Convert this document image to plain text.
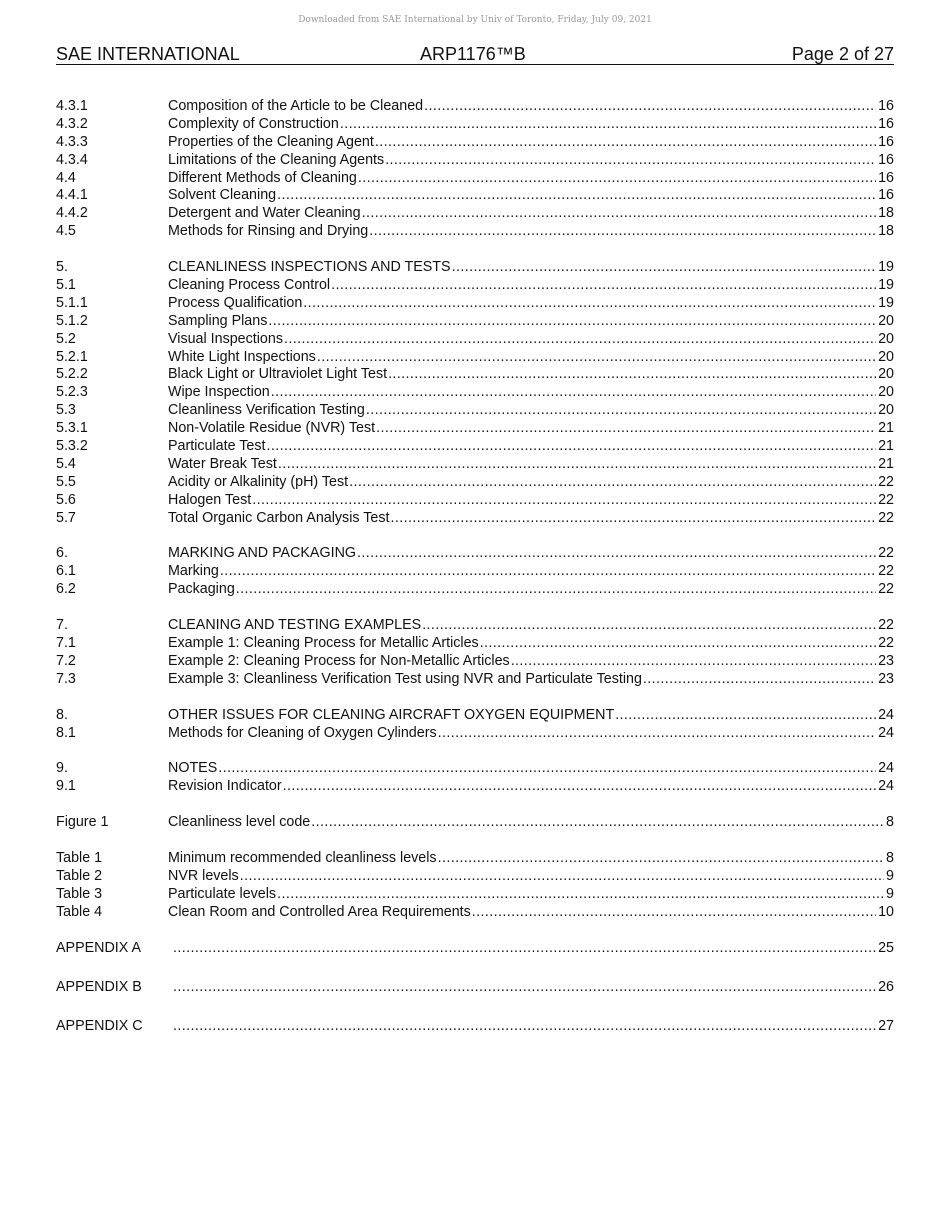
Downloaded from SAE International by Univ of Toronto, Friday, July 09, 2021
SAE INTERNATIONAL	ARP1176™B	Page 2 of 27
4.3.1	Composition of the Article to be Cleaned .....	16
4.3.2	Complexity of Construction .....	16
4.3.3	Properties of the Cleaning Agent .....	16
4.3.4	Limitations of the Cleaning Agents .....	16
4.4	Different Methods of Cleaning .....	16
4.4.1	Solvent Cleaning .....	16
4.4.2	Detergent and Water Cleaning .....	18
4.5	Methods for Rinsing and Drying .....	18
5.	CLEANLINESS INSPECTIONS AND TESTS .....	19
5.1	Cleaning Process Control .....	19
5.1.1	Process Qualification .....	19
5.1.2	Sampling Plans .....	20
5.2	Visual Inspections .....	20
5.2.1	White Light Inspections .....	20
5.2.2	Black Light or Ultraviolet Light Test .....	20
5.2.3	Wipe Inspection .....	20
5.3	Cleanliness Verification Testing .....	20
5.3.1	Non-Volatile Residue (NVR) Test .....	21
5.3.2	Particulate Test .....	21
5.4	Water Break Test .....	21
5.5	Acidity or Alkalinity (pH) Test .....	22
5.6	Halogen Test .....	22
5.7	Total Organic Carbon Analysis Test .....	22
6.	MARKING AND PACKAGING .....	22
6.1	Marking .....	22
6.2	Packaging .....	22
7.	CLEANING AND TESTING EXAMPLES .....	22
7.1	Example 1: Cleaning Process for Metallic Articles .....	22
7.2	Example 2: Cleaning Process for Non-Metallic Articles .....	23
7.3	Example 3: Cleanliness Verification Test using NVR and Particulate Testing .....	23
8.	OTHER ISSUES FOR CLEANING AIRCRAFT OXYGEN EQUIPMENT .....	24
8.1	Methods for Cleaning of Oxygen Cylinders .....	24
9.	NOTES .....	24
9.1	Revision Indicator .....	24
Figure 1	Cleanliness level code .....	8
Table 1	Minimum recommended cleanliness levels .....	8
Table 2	NVR levels .....	9
Table 3	Particulate levels .....	9
Table 4	Clean Room and Controlled Area Requirements .....	10
APPENDIX A .....	25
APPENDIX B .....	26
APPENDIX C .....	27
